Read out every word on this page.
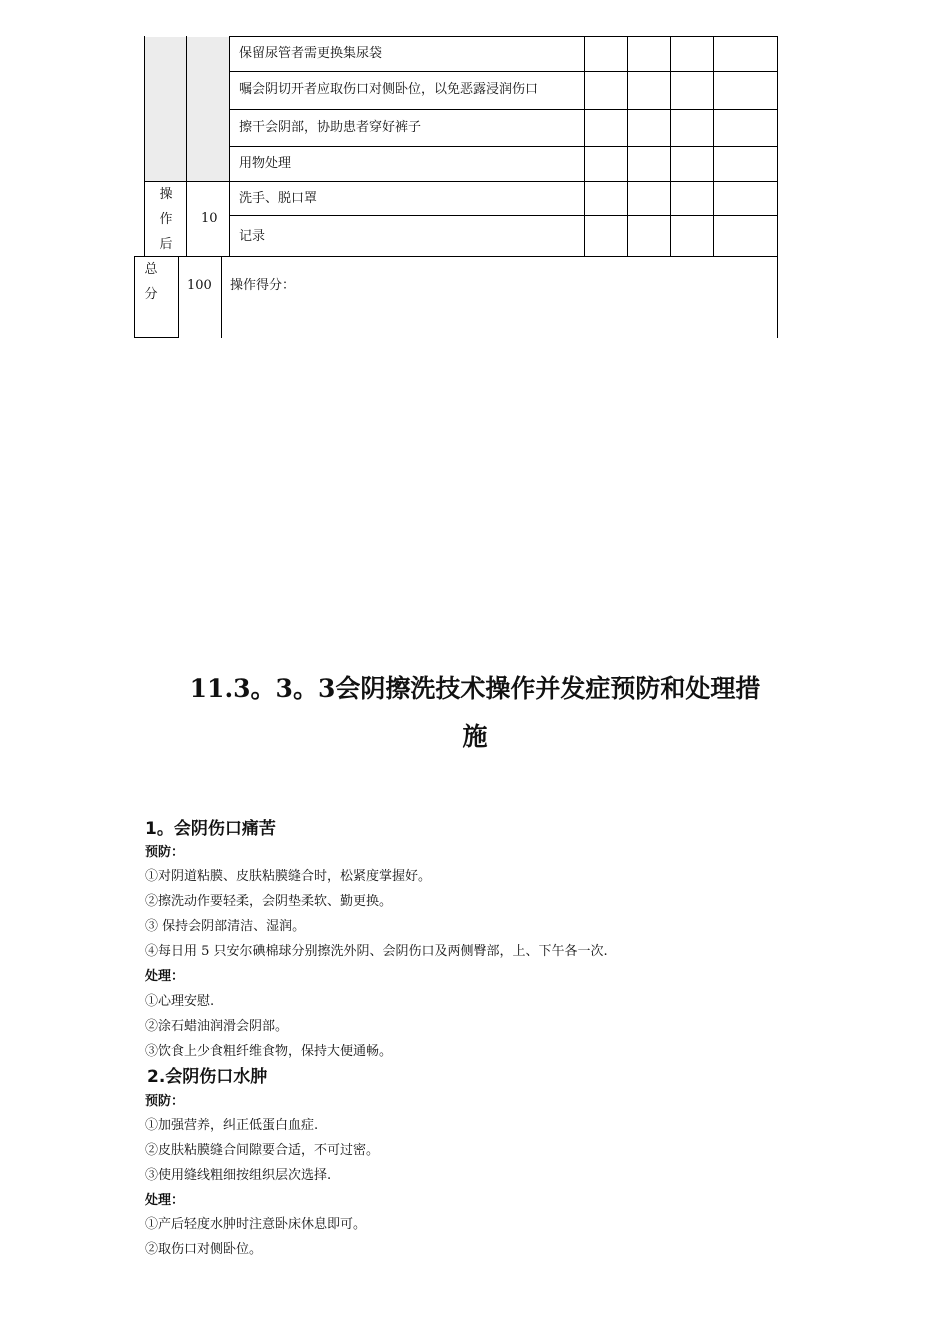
保留尿管者需更换集尿袋
嘱会阴切开者应取伤口对侧卧位，以免恶露浸润伤口
擦干会阴部，协助患者穿好裤子
用物处理
操
作
后
10
洗手、脱口罩
记录
总
分
100 操作得分：
11.3。3。3会阴擦洗技术操作并发症预防和处理措
施
1。会阴伤口痛苦
预防：
①对阴道粘膜、皮肤粘膜缝合时，松紧度掌握好。
②擦洗动作要轻柔，会阴垫柔软、勤更换。
③ 保持会阴部清洁、湿润。
④每日用 5 只安尔碘棉球分别擦洗外阴、会阴伤口及两侧臀部，上、下午各一次.
处理：
①心理安慰.
②涂石蜡油润滑会阴部。
③饮食上少食粗纤维食物，保持大便通畅。
2.会阴伤口水肿
预防：
①加强营养，纠正低蛋白血症.
②皮肤粘膜缝合间隙要合适，不可过密。
③使用缝线粗细按组织层次选择.
处理：
①产后轻度水肿时注意卧床休息即可。
②取伤口对侧卧位。
